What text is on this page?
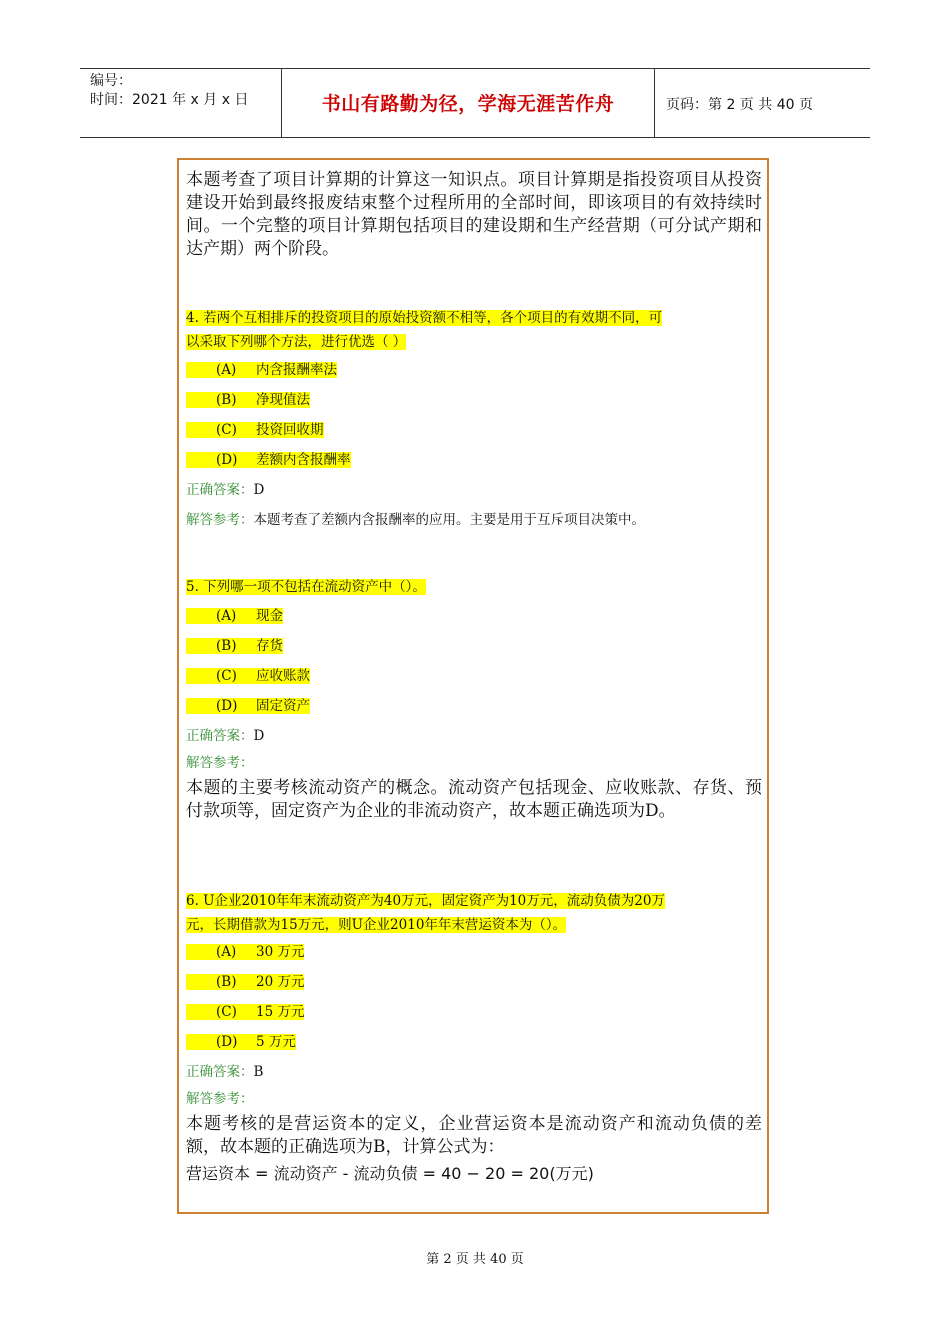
编号：
时间：2021 年 x 月 x 日	书山有路勤为径，学海无涯苦作舟	页码：第 2 页 共 40 页
本题考查了项目计算期的计算这一知识点。项目计算期是指投资项目从投资建设开始到最终报废结束整个过程所用的全部时间，即该项目的有效持续时间。一个完整的项目计算期包括项目的建设期和生产经营期（可分试产期和达产期）两个阶段。
4. 若两个互相排斥的投资项目的原始投资额不相等，各个项目的有效期不同，可
以采取下列哪个方法，进行优选（ ）
(A) 内含报酬率法
(B) 净现值法
(C) 投资回收期
(D) 差额内含报酬率
正确答案：D
解答参考：本题考查了差额内含报酬率的应用。主要是用于互斥项目决策中。
5. 下列哪一项不包括在流动资产中（）。
(A) 现金
(B) 存货
(C) 应收账款
(D) 固定资产
正确答案：D
解答参考：
本题的主要考核流动资产的概念。流动资产包括现金、应收账款、存货、预付款项等，固定资产为企业的非流动资产，故本题正确选项为D。
6. U企业2010年年末流动资产为40万元，固定资产为10万元，流动负债为20万
元，长期借款为15万元，则U企业2010年年末营运资本为（）。
(A) 30 万元
(B) 20 万元
(C) 15 万元
(D) 5 万元
正确答案：B
解答参考：
本题考核的是营运资本的定义，企业营运资本是流动资产和流动负债的差额，故本题的正确选项为B，计算公式为：
营运资本 = 流动资产 - 流动负债 = 40 − 20 = 20(万元)
第 2 页 共 40 页
